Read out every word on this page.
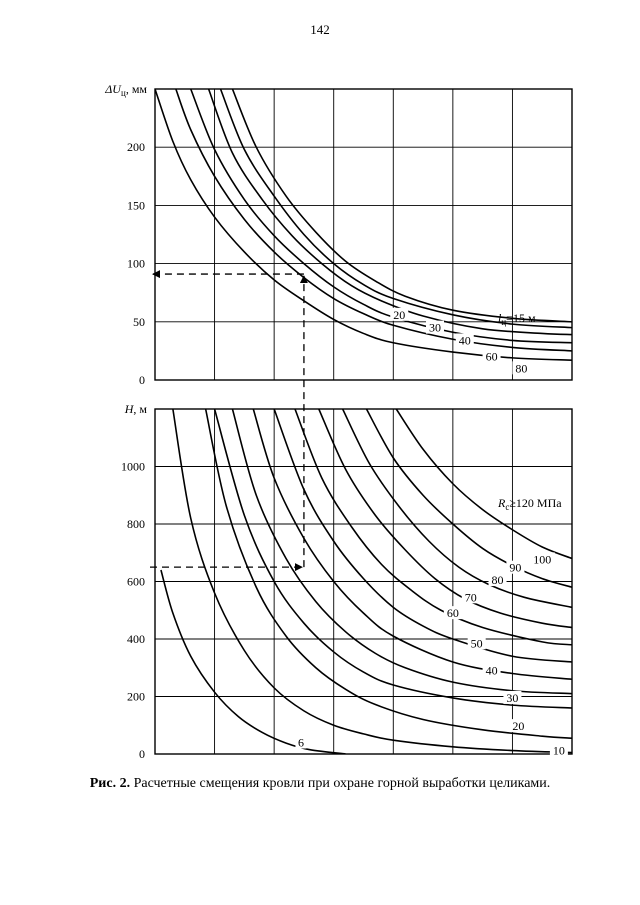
142
0
50
100
150
200
$\Delta U_ц$, мм
20
30
40
60
80
$l_ц=15$ м
0
200
400
600
800
1000
H, м
6
10
20
30
40
50
60
70
80
90
100
$R_c\ge 120$ МПа
Рис. 2. Расчетные смещения кровли при охране горной выработки целиками.
